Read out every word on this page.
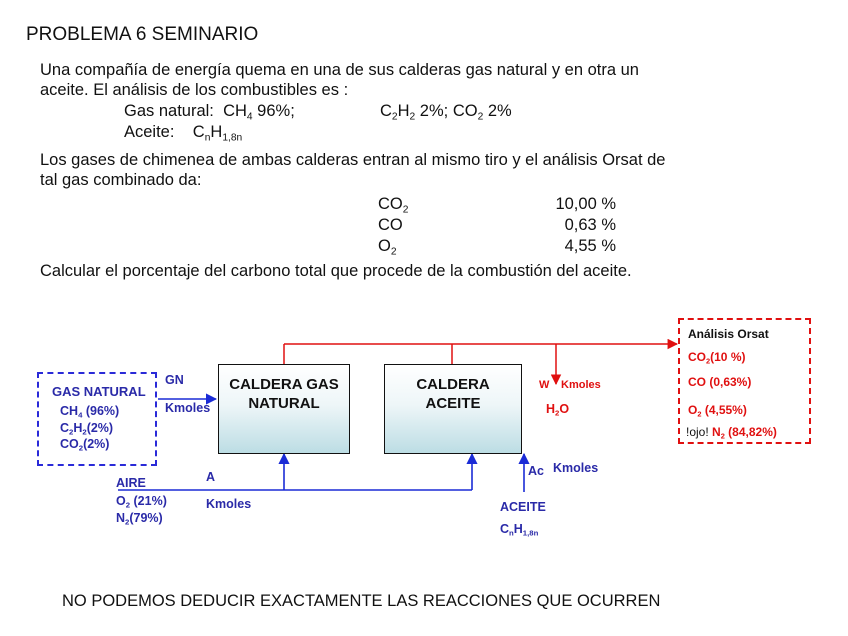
PROBLEMA 6 SEMINARIO
Una compañía de energía quema en una de sus calderas gas natural y en otra un
aceite. El análisis de los combustibles es :
Gas natural: $CH_4$ 96%;	$C_2H_2$ 2%; $CO_2$ 2%
Aceite: $C_nH_{1,8n}$
Los gases de chimenea de ambas calderas entran al mismo tiro y el análisis Orsat de
tal gas combinado da:
$CO_2$	10,00 %
CO	0,63 %
$O_2$	4,55 %
Calcular el porcentaje del carbono total que procede de la combustión del aceite.
CALDERA GAS
NATURAL
CALDERA
ACEITE
GAS NATURAL
$CH_4$ (96%)
$C_2H_2(2\%)$
$CO_2(2\%)$
GN
Kmoles
AIRE
$O_2$ (21%)
$N_2(79\%)$
A
Kmoles
W Kmoles
$H_2O$
Ac Kmoles
ACEITE
$C_nH_{1,8n}$
Análisis Orsat
$CO_2(10$ %)
CO (0,63%)
$O_2$ (4,55%)
!ojo! $N_2$ (84,82%)
NO PODEMOS DEDUCIR EXACTAMENTE LAS REACCIONES QUE OCURREN
